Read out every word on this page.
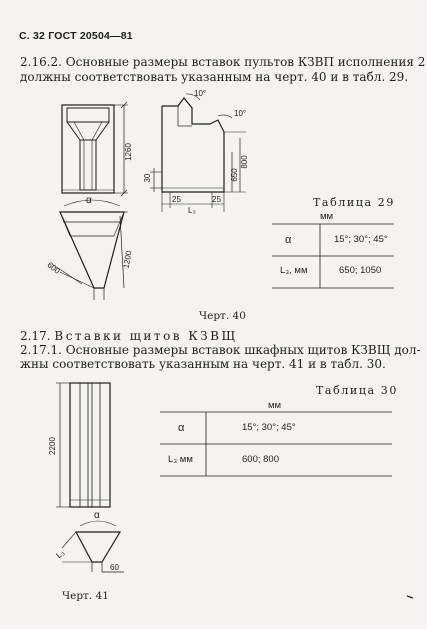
С. 32 ГОСТ 20504—81
2.16.2. Основные размеры вставок пультов КЗВП исполнения 2
должны соответствовать указанным на черт. 40 и в табл. 29.
1260
10°
10°
800
650
30
25	25
L₃
α
600	1200
2200
α
L₃
60
Таблица 29
мм
α	15°; 30°; 45°
L₃, мм	650; 1050
Черт. 40
2.17. Вставки щитов КЗВЩ
2.17.1. Основные размеры вставок шкафных щитов КЗВЩ дол-
жны соответствовать указанным на черт. 41 и в табл. 30.
Таблица 30
мм
α	15°; 30°; 45°
L₃ мм	600; 800
Черт. 41
